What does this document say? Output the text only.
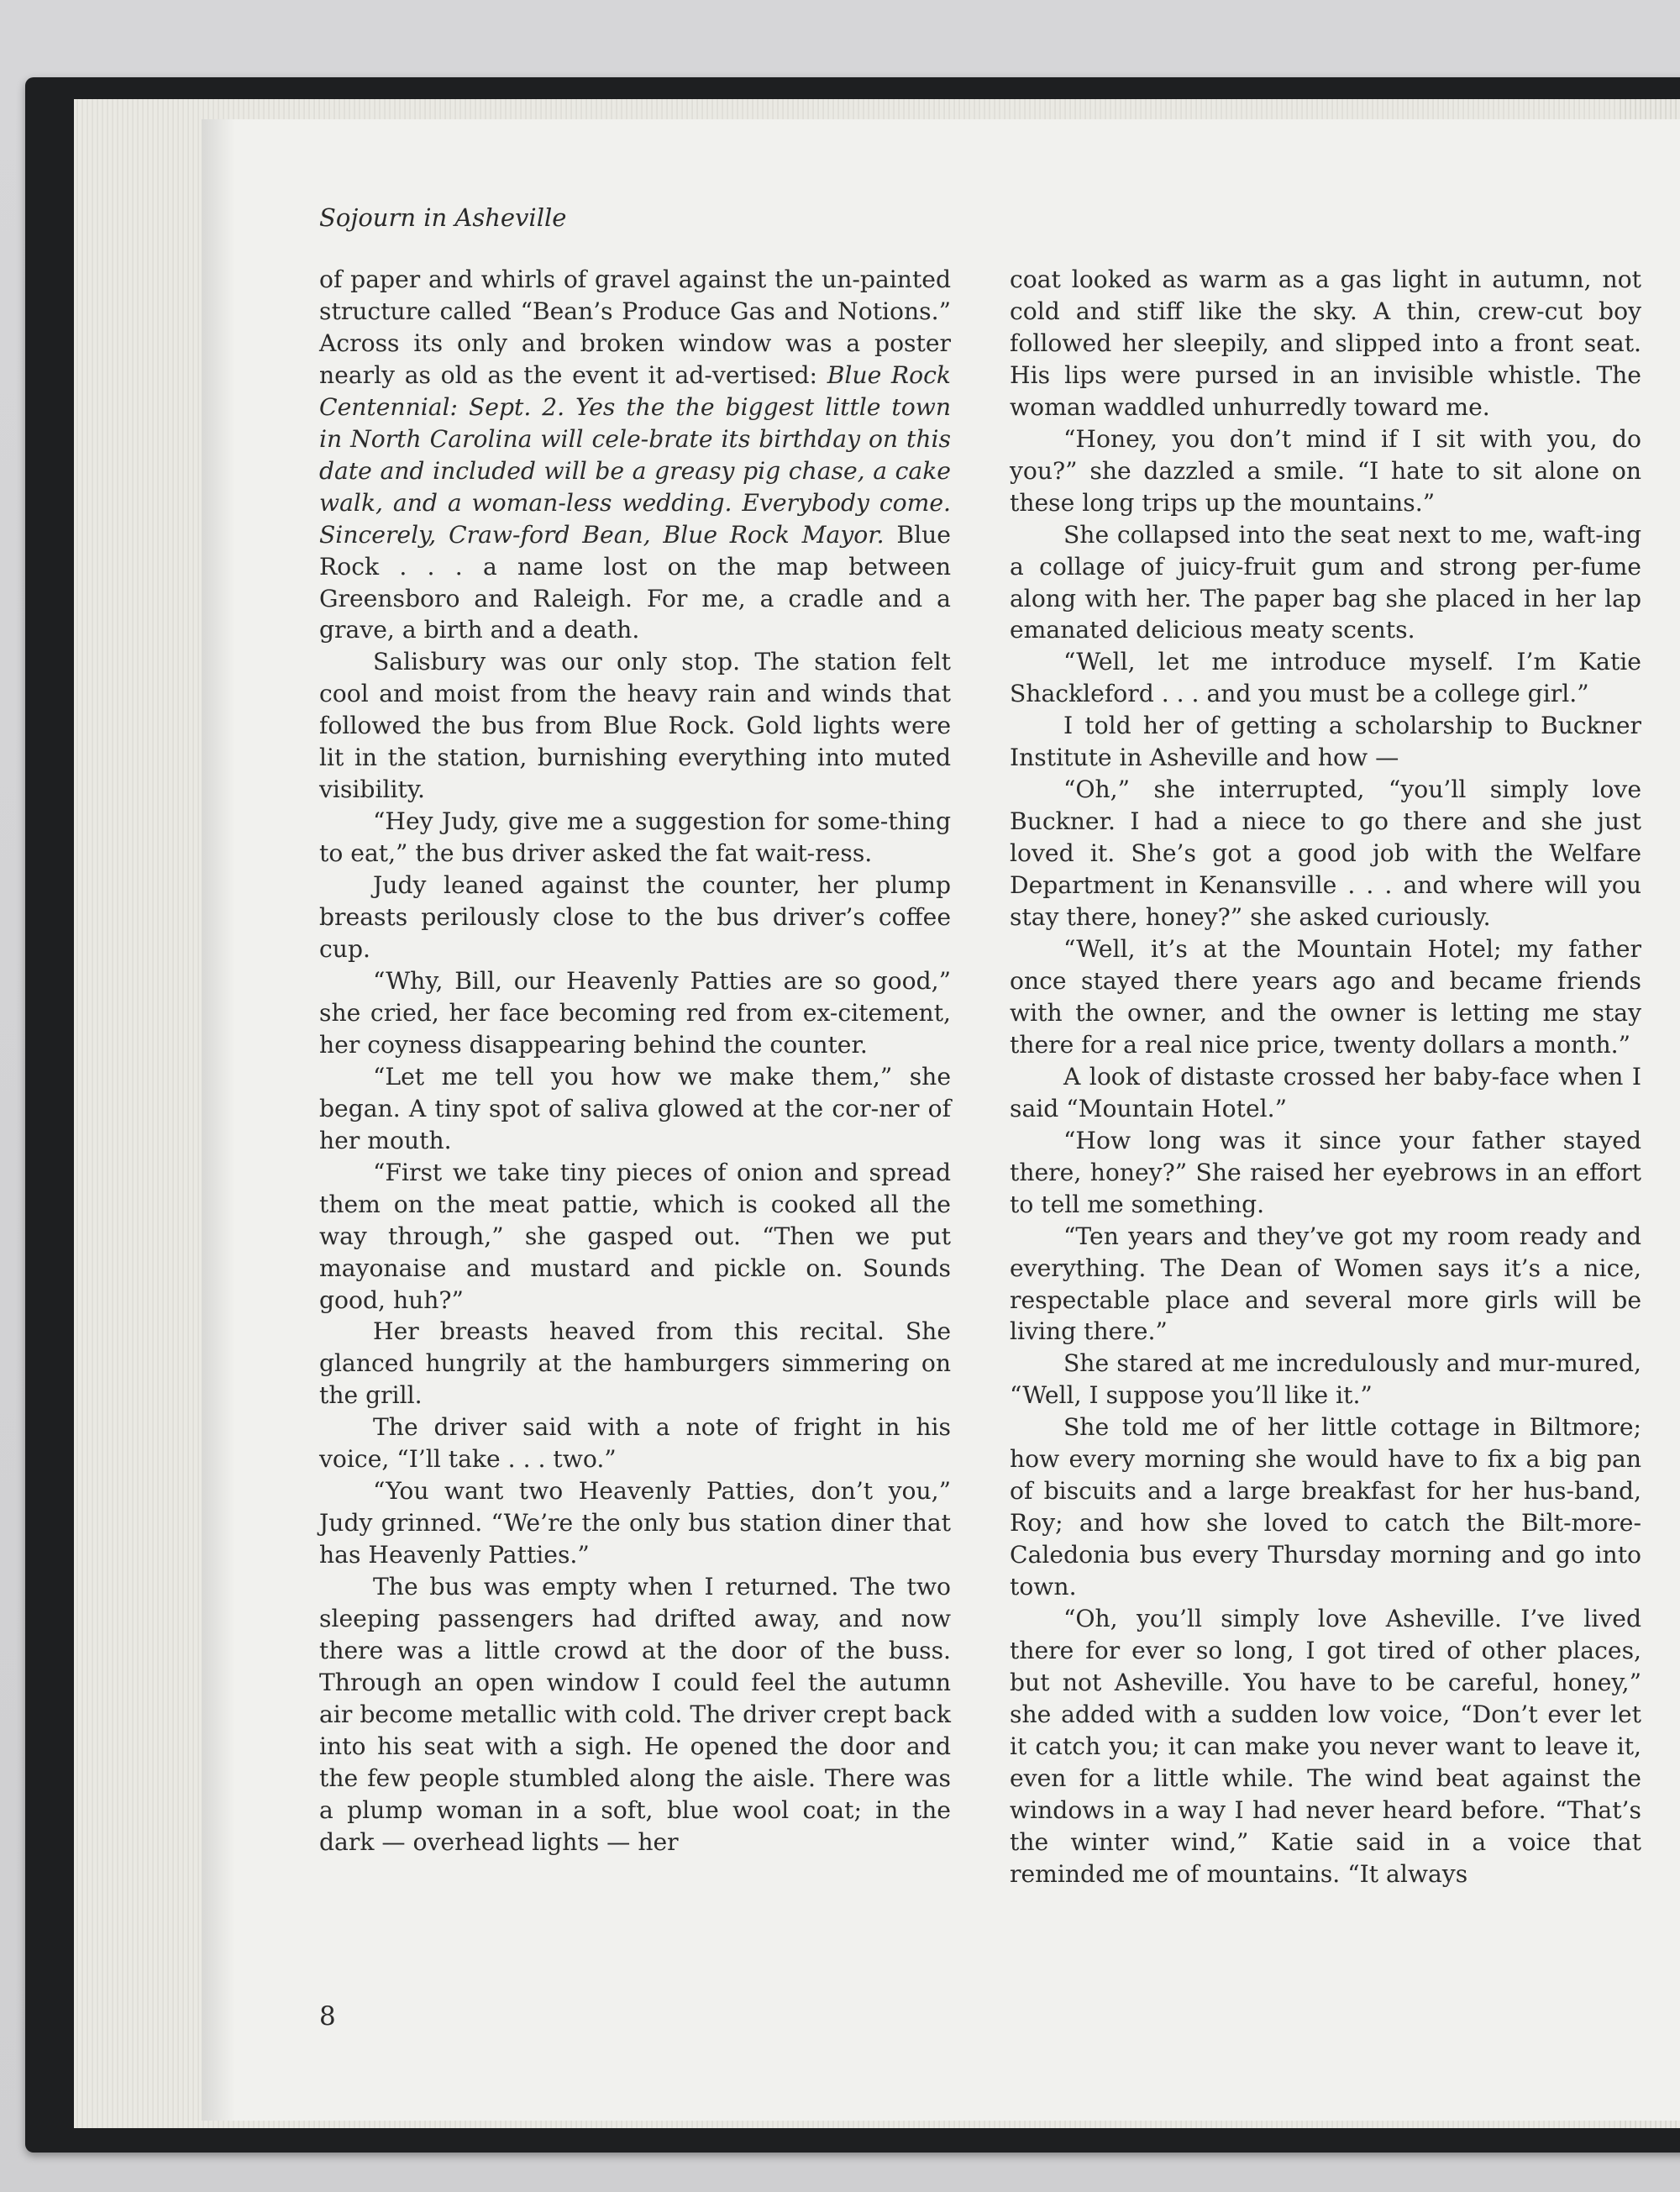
Sojourn in Asheville

of paper and whirls of gravel against the un-painted structure called “Bean’s Produce Gas and Notions.” Across its only and broken window was a poster nearly as old as the event it ad-vertised: Blue Rock Centennial: Sept. 2. Yes the the biggest little town in North Carolina will cele-brate its birthday on this date and included will be a greasy pig chase, a cake walk, and a woman-less wedding. Everybody come. Sincerely, Craw-ford Bean, Blue Rock Mayor. Blue Rock . . . a name lost on the map between Greensboro and Raleigh. For me, a cradle and a grave, a birth and a death.

Salisbury was our only stop. The station felt cool and moist from the heavy rain and winds that followed the bus from Blue Rock. Gold lights were lit in the station, burnishing everything into muted visibility.

“Hey Judy, give me a suggestion for some-thing to eat,” the bus driver asked the fat wait-ress.

Judy leaned against the counter, her plump breasts perilously close to the bus driver’s coffee cup.

“Why, Bill, our Heavenly Patties are so good,” she cried, her face becoming red from ex-citement, her coyness disappearing behind the counter.

“Let me tell you how we make them,” she began. A tiny spot of saliva glowed at the cor-ner of her mouth.

“First we take tiny pieces of onion and spread them on the meat pattie, which is cooked all the way through,” she gasped out. “Then we put mayonaise and mustard and pickle on. Sounds good, huh?”

Her breasts heaved from this recital. She glanced hungrily at the hamburgers simmering on the grill.

The driver said with a note of fright in his voice, “I’ll take . . . two.”

“You want two Heavenly Patties, don’t you,” Judy grinned. “We’re the only bus station diner that has Heavenly Patties.”

The bus was empty when I returned. The two sleeping passengers had drifted away, and now there was a little crowd at the door of the buss. Through an open window I could feel the autumn air become metallic with cold. The driver crept back into his seat with a sigh. He opened the door and the few people stumbled along the aisle. There was a plump woman in a soft, blue wool coat; in the dark — overhead lights — her

coat looked as warm as a gas light in autumn, not cold and stiff like the sky. A thin, crew-cut boy followed her sleepily, and slipped into a front seat. His lips were pursed in an invisible whistle. The woman waddled unhurredly toward me.

“Honey, you don’t mind if I sit with you, do you?” she dazzled a smile. “I hate to sit alone on these long trips up the mountains.”

She collapsed into the seat next to me, waft-ing a collage of juicy-fruit gum and strong per-fume along with her. The paper bag she placed in her lap emanated delicious meaty scents.

“Well, let me introduce myself. I’m Katie Shackleford . . . and you must be a college girl.”

I told her of getting a scholarship to Buckner Institute in Asheville and how —

“Oh,” she interrupted, “you’ll simply love Buckner. I had a niece to go there and she just loved it. She’s got a good job with the Welfare Department in Kenansville . . . and where will you stay there, honey?” she asked curiously.

“Well, it’s at the Mountain Hotel; my father once stayed there years ago and became friends with the owner, and the owner is letting me stay there for a real nice price, twenty dollars a month.”

A look of distaste crossed her baby-face when I said “Mountain Hotel.”

“How long was it since your father stayed there, honey?” She raised her eyebrows in an effort to tell me something.

“Ten years and they’ve got my room ready and everything. The Dean of Women says it’s a nice, respectable place and several more girls will be living there.”

She stared at me incredulously and mur-mured, “Well, I suppose you’ll like it.”

She told me of her little cottage in Biltmore; how every morning she would have to fix a big pan of biscuits and a large breakfast for her hus-band, Roy; and how she loved to catch the Bilt-more-Caledonia bus every Thursday morning and go into town.

“Oh, you’ll simply love Asheville. I’ve lived there for ever so long, I got tired of other places, but not Asheville. You have to be careful, honey,” she added with a sudden low voice, “Don’t ever let it catch you; it can make you never want to leave it, even for a little while. The wind beat against the windows in a way I had never heard before. “That’s the winter wind,” Katie said in a voice that reminded me of mountains. “It always

8
